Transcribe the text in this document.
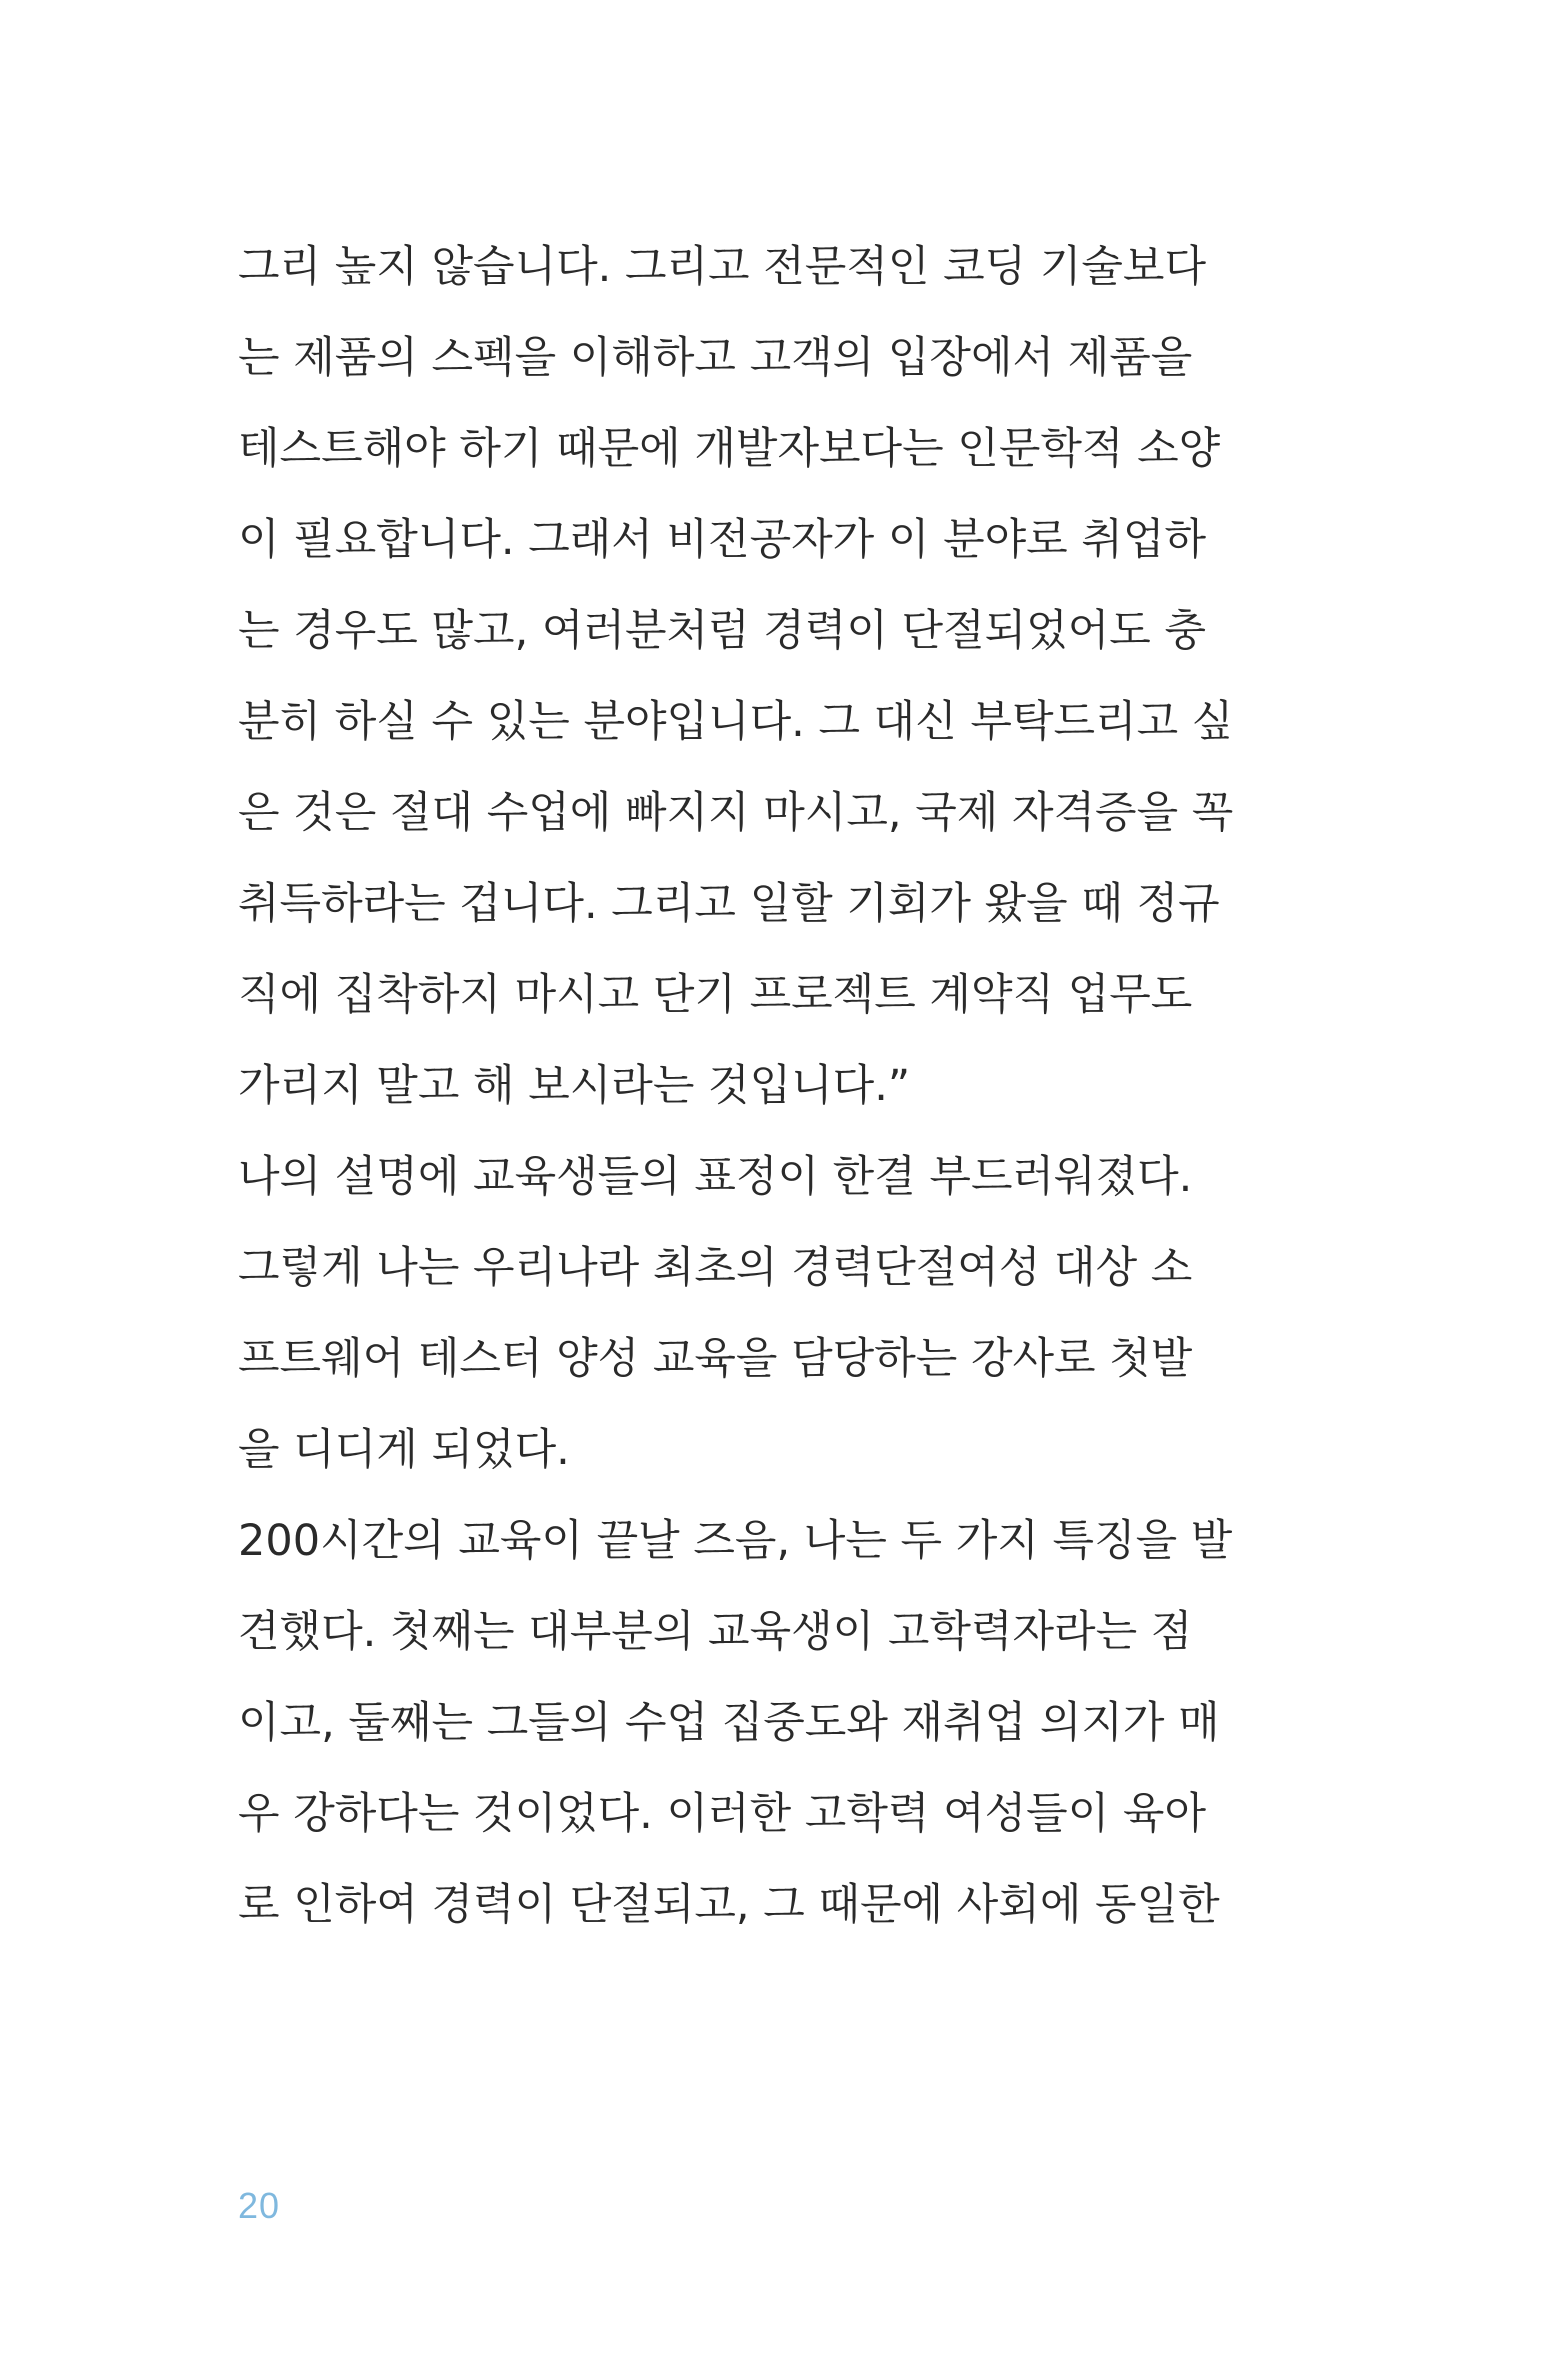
그리 높지 않습니다. 그리고 전문적인 코딩 기술보다
는 제품의 스펙을 이해하고 고객의 입장에서 제품을
테스트해야 하기 때문에 개발자보다는 인문학적 소양
이 필요합니다. 그래서 비전공자가 이 분야로 취업하
는 경우도 많고, 여러분처럼 경력이 단절되었어도 충
분히 하실 수 있는 분야입니다. 그 대신 부탁드리고 싶
은 것은 절대 수업에 빠지지 마시고, 국제 자격증을 꼭
취득하라는 겁니다. 그리고 일할 기회가 왔을 때 정규
직에 집착하지 마시고 단기 프로젝트 계약직 업무도
가리지 말고 해 보시라는 것입니다.”
나의 설명에 교육생들의 표정이 한결 부드러워졌다.
그렇게 나는 우리나라 최초의 경력단절여성 대상 소
프트웨어 테스터 양성 교육을 담당하는 강사로 첫발
을 디디게 되었다.
200시간의 교육이 끝날 즈음, 나는 두 가지 특징을 발
견했다. 첫째는 대부분의 교육생이 고학력자라는 점
이고, 둘째는 그들의 수업 집중도와 재취업 의지가 매
우 강하다는 것이었다. 이러한 고학력 여성들이 육아
로 인하여 경력이 단절되고, 그 때문에 사회에 동일한
20
